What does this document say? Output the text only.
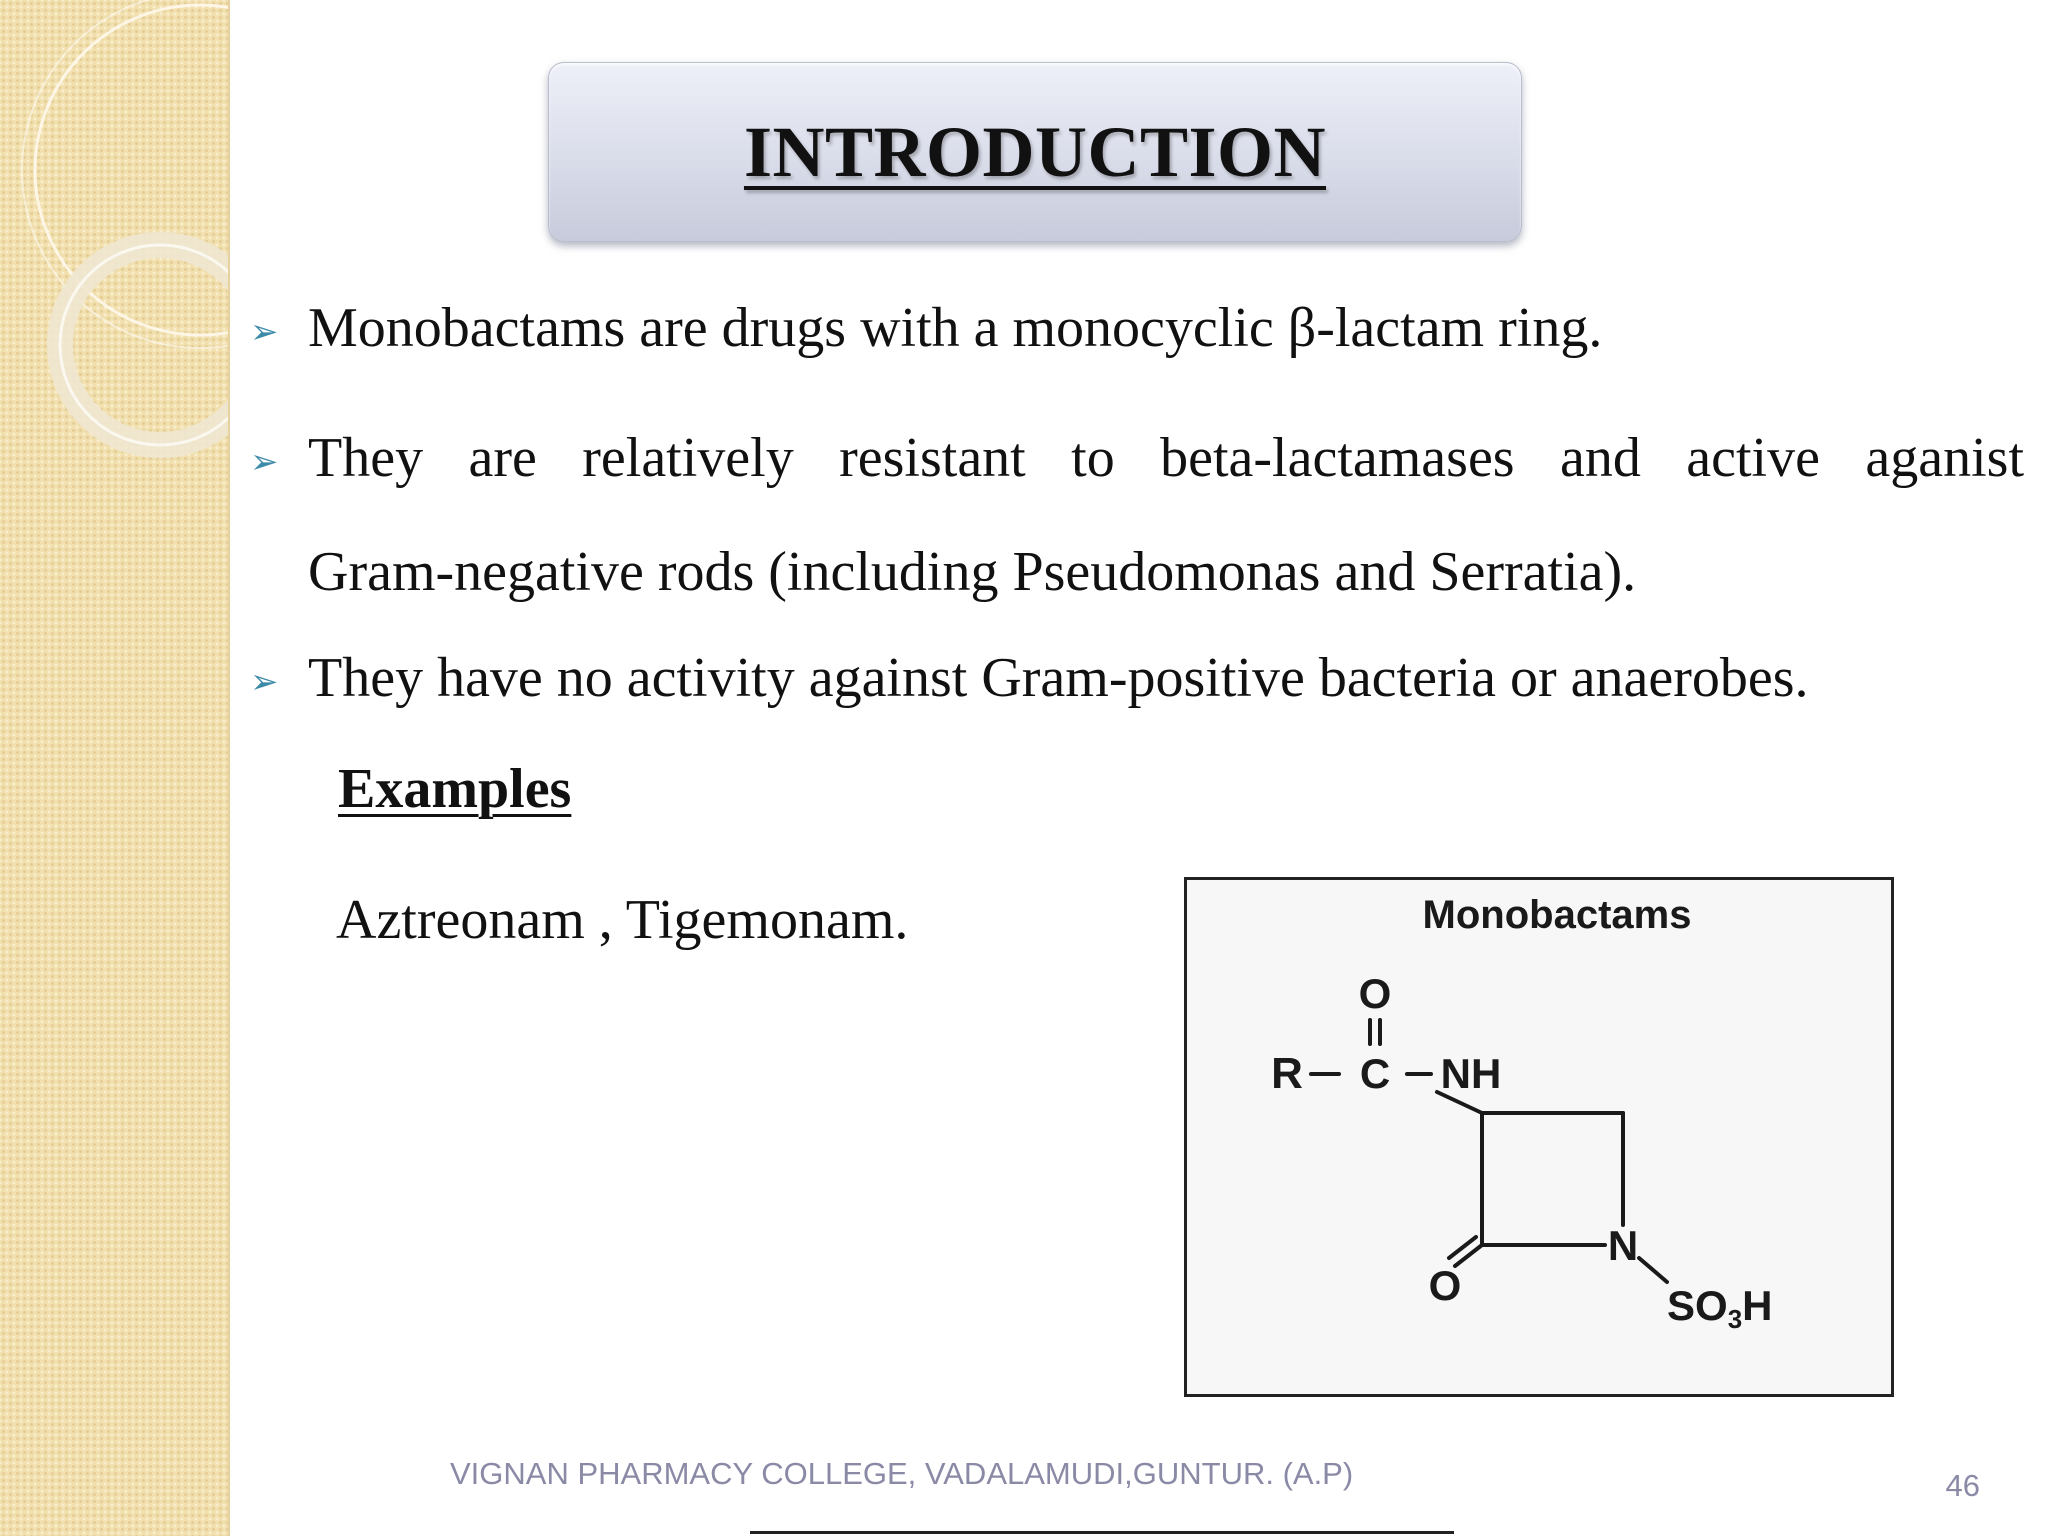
INTRODUCTION
➢ Monobactams are drugs with a monocyclic β-lactam ring.
➢ They are relatively resistant to beta-lactamases and active aganist
Gram-negative rods (including Pseudomonas and Serratia).
➢ They have no activity against Gram-positive bacteria or anaerobes.
Examples
Aztreonam , Tigemonam.	Monobactams
O
R C NH
N
O	SO3H
VIGNAN PHARMACY COLLEGE, VADALAMUDI,GUNTUR. (A.P)	46
